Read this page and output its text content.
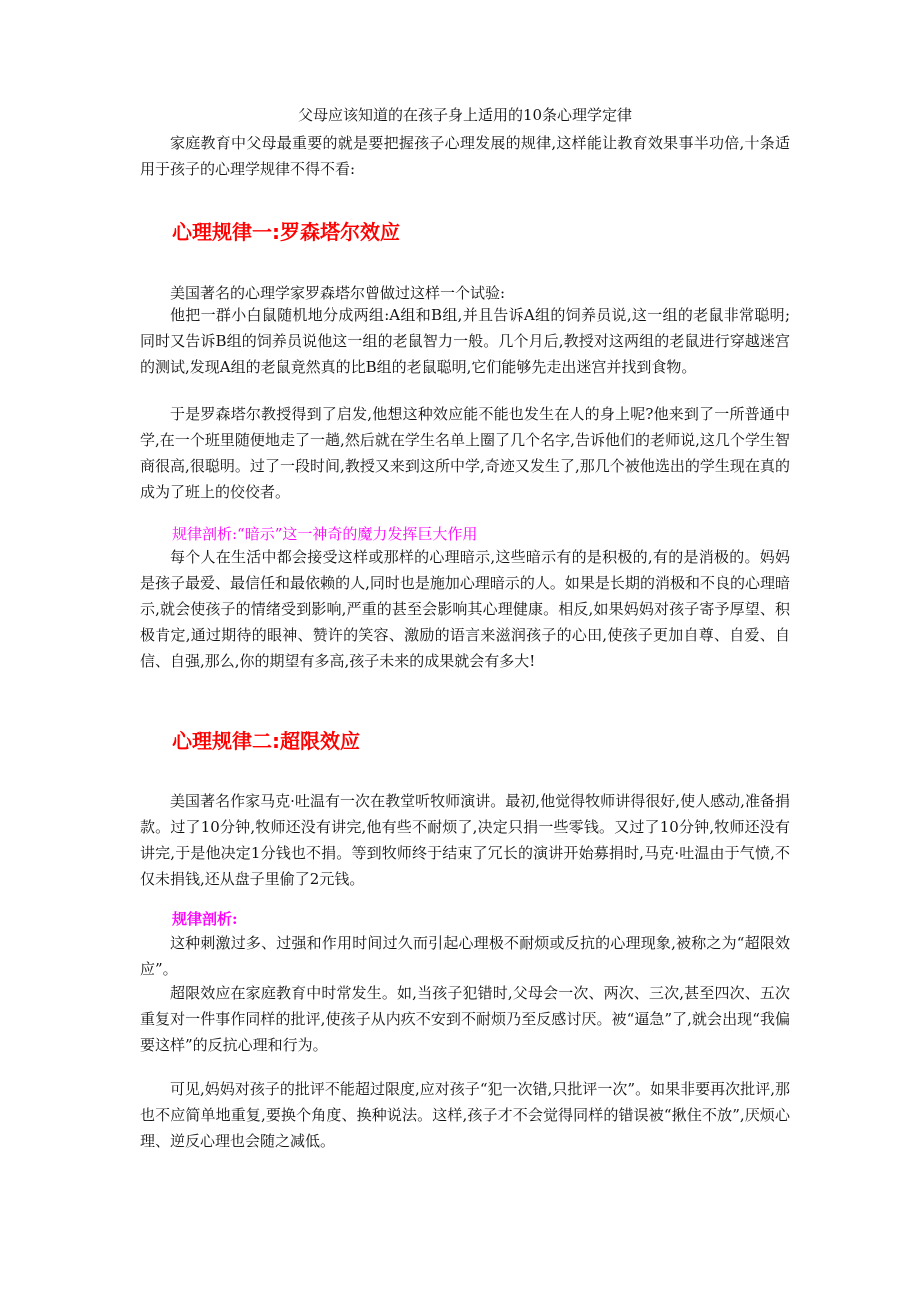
父母应该知道的在孩子身上适用的10条心理学定律
家庭教育中父母最重要的就是要把握孩子心理发展的规律,这样能让教育效果事半功倍,十条适用于孩子的心理学规律不得不看:
心理规律一:罗森塔尔效应
美国著名的心理学家罗森塔尔曾做过这样一个试验:
他把一群小白鼠随机地分成两组:A组和B组,并且告诉A组的饲养员说,这一组的老鼠非常聪明;同时又告诉B组的饲养员说他这一组的老鼠智力一般。几个月后,教授对这两组的老鼠进行穿越迷宫的测试,发现A组的老鼠竟然真的比B组的老鼠聪明,它们能够先走出迷宫并找到食物。
于是罗森塔尔教授得到了启发,他想这种效应能不能也发生在人的身上呢?他来到了一所普通中学,在一个班里随便地走了一趟,然后就在学生名单上圈了几个名字,告诉他们的老师说,这几个学生智商很高,很聪明。过了一段时间,教授又来到这所中学,奇迹又发生了,那几个被他选出的学生现在真的成为了班上的佼佼者。
规律剖析:“暗示”这一神奇的魔力发挥巨大作用
每个人在生活中都会接受这样或那样的心理暗示,这些暗示有的是积极的,有的是消极的。妈妈是孩子最爱、最信任和最依赖的人,同时也是施加心理暗示的人。如果是长期的消极和不良的心理暗示,就会使孩子的情绪受到影响,严重的甚至会影响其心理健康。相反,如果妈妈对孩子寄予厚望、积极肯定,通过期待的眼神、赞许的笑容、激励的语言来滋润孩子的心田,使孩子更加自尊、自爱、自信、自强,那么,你的期望有多高,孩子未来的成果就会有多大!
心理规律二:超限效应
美国著名作家马克·吐温有一次在教堂听牧师演讲。最初,他觉得牧师讲得很好,使人感动,准备捐款。过了10分钟,牧师还没有讲完,他有些不耐烦了,决定只捐一些零钱。又过了10分钟,牧师还没有讲完,于是他决定1分钱也不捐。等到牧师终于结束了冗长的演讲开始募捐时,马克·吐温由于气愤,不仅未捐钱,还从盘子里偷了2元钱。
规律剖析:
这种刺激过多、过强和作用时间过久而引起心理极不耐烦或反抗的心理现象,被称之为“超限效应”。
超限效应在家庭教育中时常发生。如,当孩子犯错时,父母会一次、两次、三次,甚至四次、五次重复对一件事作同样的批评,使孩子从内疚不安到不耐烦乃至反感讨厌。被“逼急”了,就会出现“我偏要这样”的反抗心理和行为。
可见,妈妈对孩子的批评不能超过限度,应对孩子“犯一次错,只批评一次”。如果非要再次批评,那也不应简单地重复,要换个角度、换种说法。这样,孩子才不会觉得同样的错误被“揪住不放”,厌烦心理、逆反心理也会随之减低。
